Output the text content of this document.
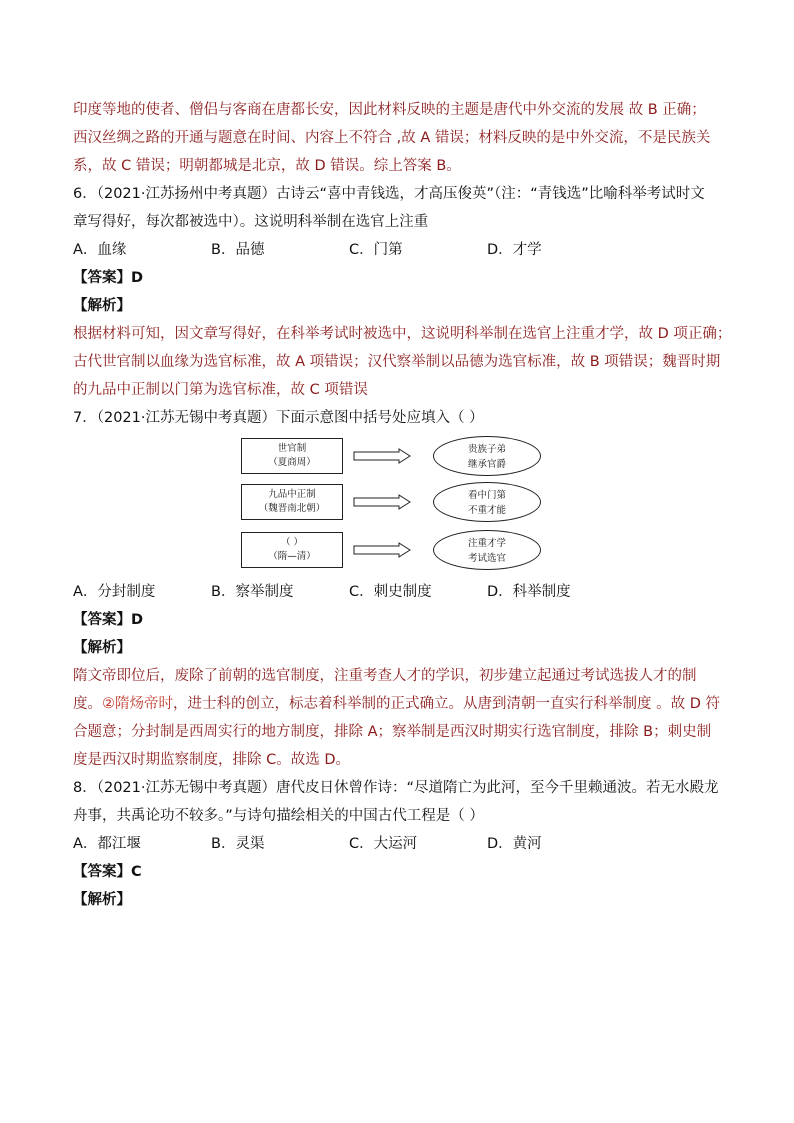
印度等地的使者、僧侣与客商在唐都长安，因此材料反映的主题是唐代中外交流的发展 故 B 正确；
西汉丝绸之路的开通与题意在时间、内容上不符合 ,故 A 错误；材料反映的是中外交流，不是民族关
系，故 C 错误；明朝都城是北京，故 D 错误。综上答案 B。
6．（2021·江苏扬州中考真题）古诗云“喜中青钱选，才高压俊英”（注：“青钱选”比喻科举考试时文
章写得好，每次都被选中）。这说明科举制在选官上注重
A．血缘	B．品德	C．门第	D．才学
【答案】D
【解析】
根据材料可知，因文章写得好，在科举考试时被选中，这说明科举制在选官上注重才学，故 D 项正确；
古代世官制以血缘为选官标准，故 A 项错误；汉代察举制以品德为选官标准，故 B 项错误；魏晋时期
的九品中正制以门第为选官标准，故 C 项错误
7．（2021·江苏无锡中考真题）下面示意图中括号处应填入（ ）
世官制
（夏商周）
贵族子弟
继承官爵
九品中正制
（魏晋南北朝）
看中门第
不重才能
（ ）
（隋—清）
注重才学
考试选官
A．分封制度	B．察举制度	C．刺史制度	D．科举制度
【答案】D
【解析】
隋文帝即位后，废除了前朝的选官制度，注重考查人才的学识，初步建立起通过考试选拔人才的制
度。②隋炀帝时，进士科的创立，标志着科举制的正式确立。从唐到清朝一直实行科举制度 。故 D 符
合题意；分封制是西周实行的地方制度，排除 A；察举制是西汉时期实行选官制度，排除 B；刺史制
度是西汉时期监察制度，排除 C。故选 D。
8．（2021·江苏无锡中考真题）唐代皮日休曾作诗：“尽道隋亡为此河，至今千里赖通波。若无水殿龙
舟事，共禹论功不较多。”与诗句描绘相关的中国古代工程是（ ）
A．都江堰	B．灵渠	C．大运河	D．黄河
【答案】C
【解析】
